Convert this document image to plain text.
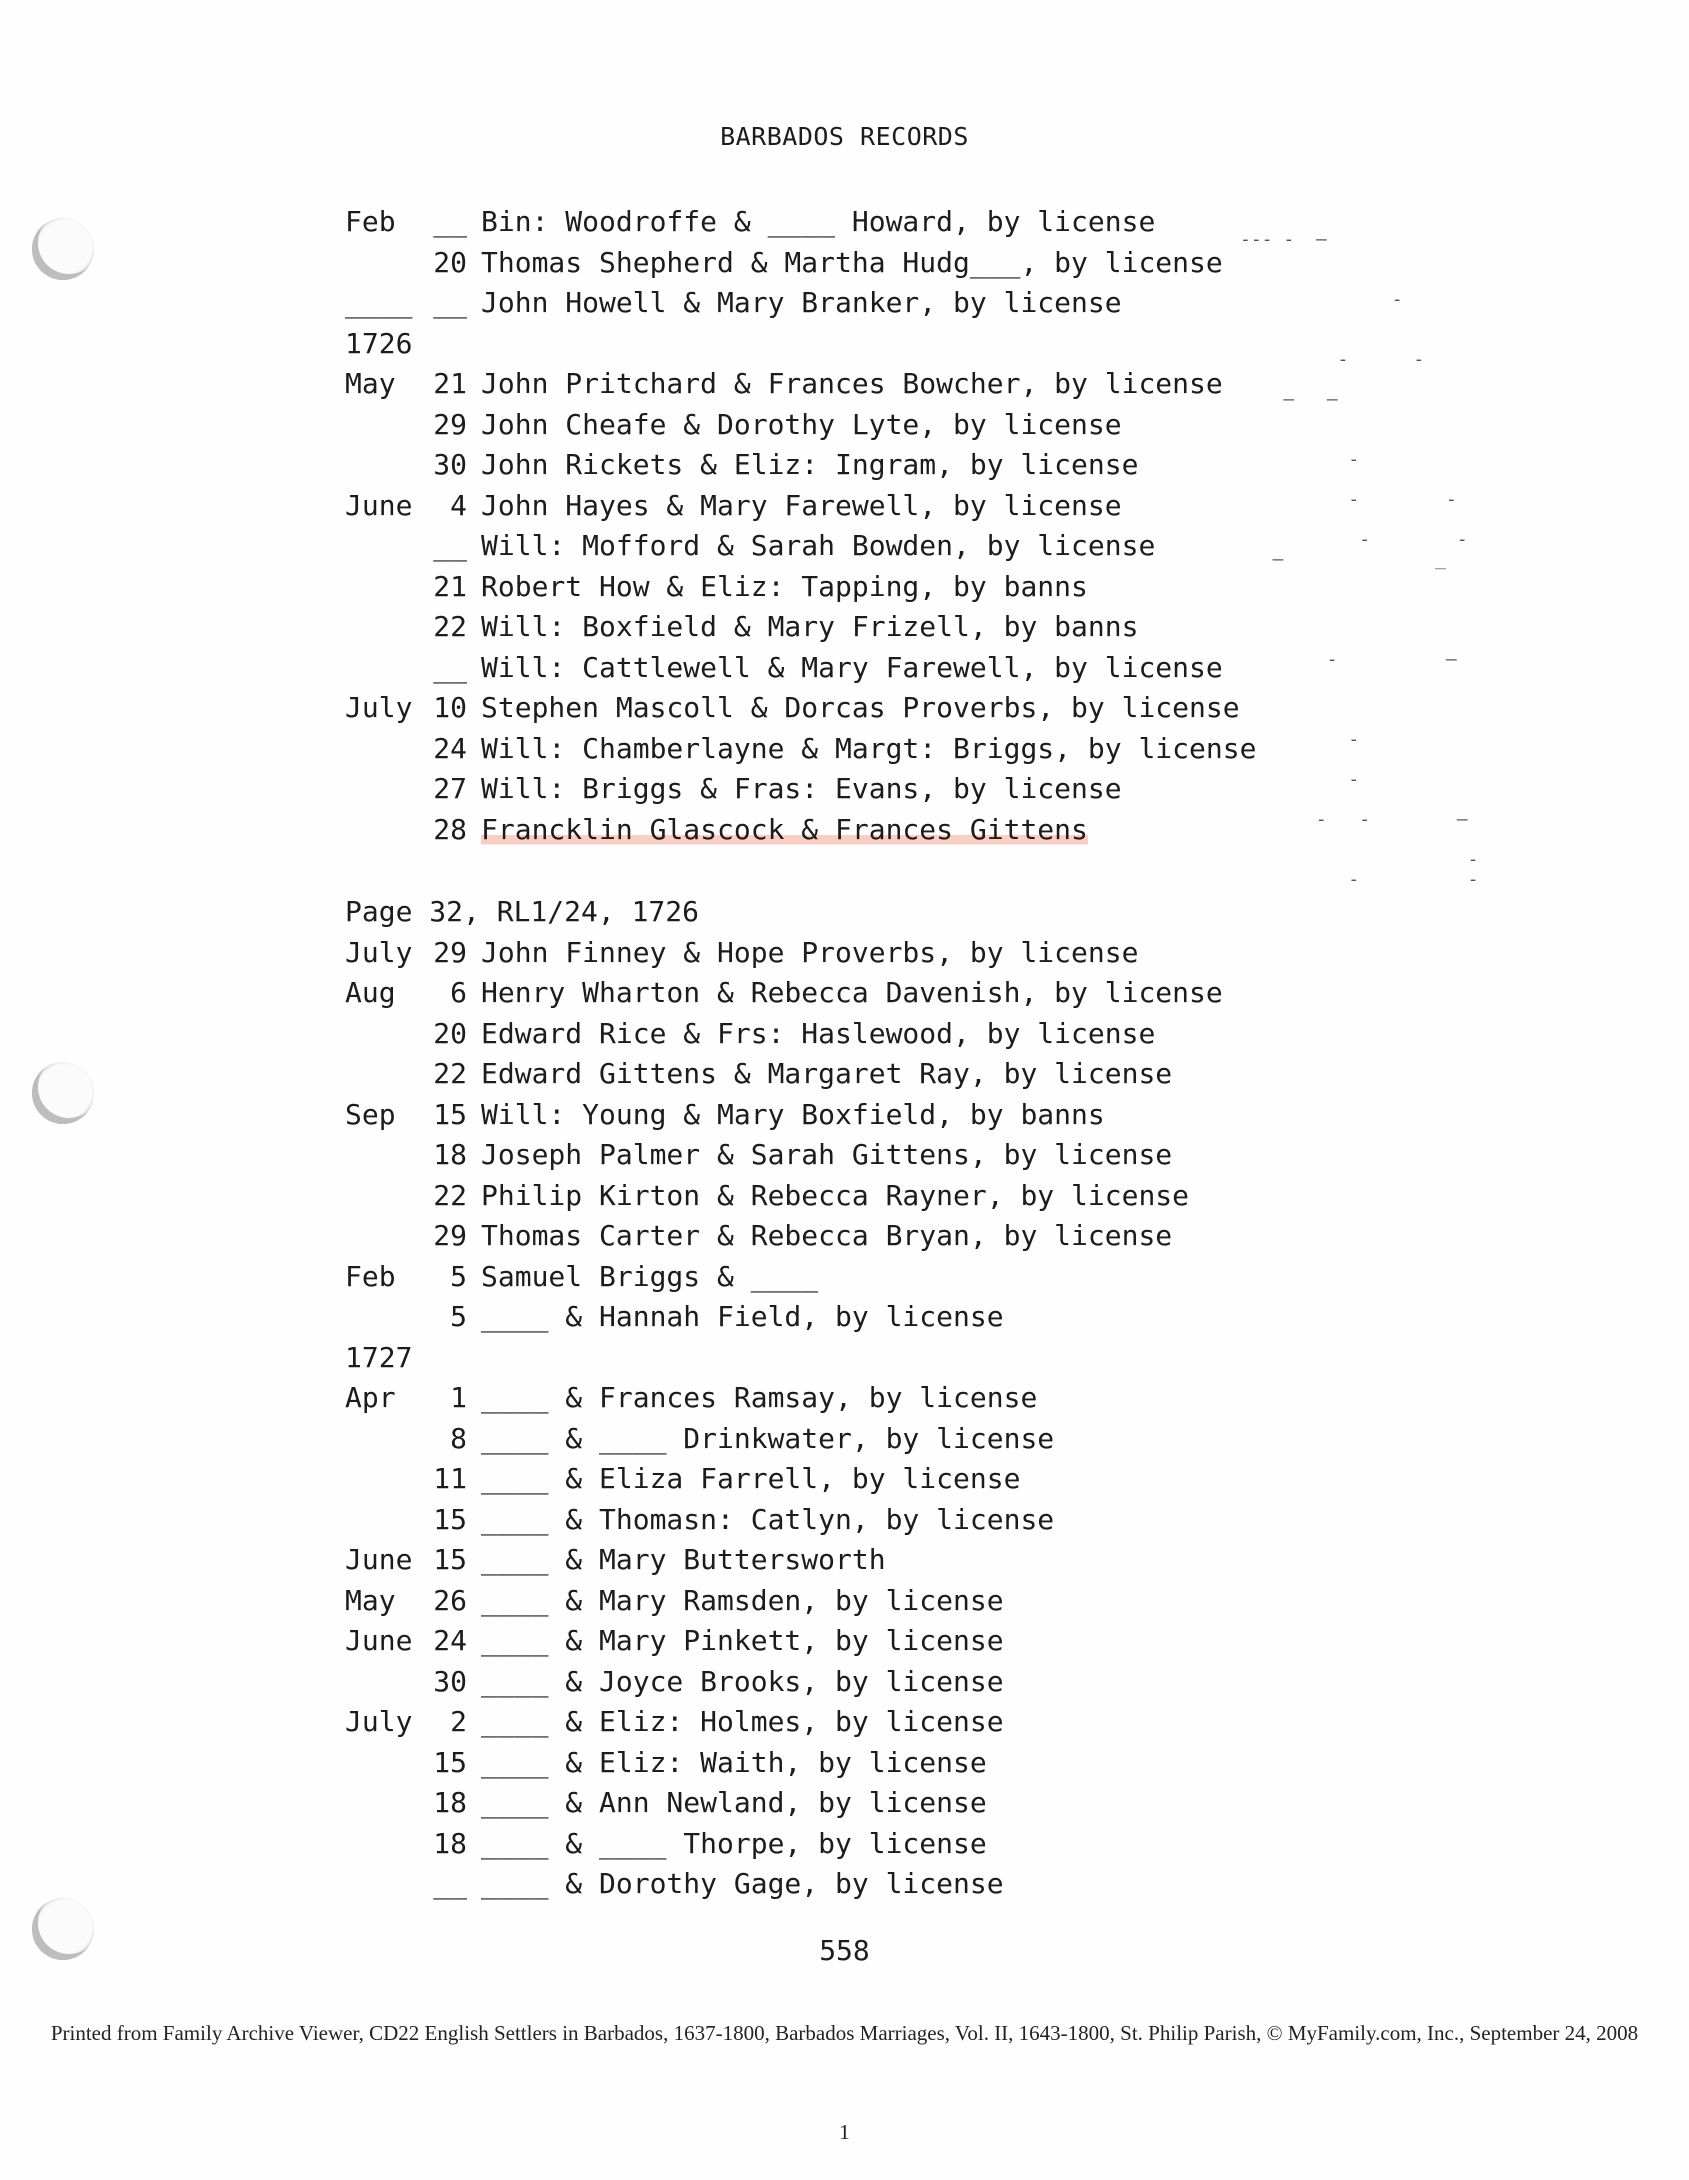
BARBADOS RECORDS
Feb	__ Bin: Woodroffe & ____ Howard, by license
20 Thomas Shepherd & Martha Hudg___, by license
____ __ John Howell & Mary Branker, by license
1726
May	21 John Pritchard & Frances Bowcher, by license
29 John Cheafe & Dorothy Lyte, by license
30 John Rickets & Eliz: Ingram, by license
June	4 John Hayes & Mary Farewell, by license
__ Will: Mofford & Sarah Bowden, by license
21 Robert How & Eliz: Tapping, by banns
22 Will: Boxfield & Mary Frizell, by banns
__ Will: Cattlewell & Mary Farewell, by license
July 10 Stephen Mascoll & Dorcas Proverbs, by license
24 Will: Chamberlayne & Margt: Briggs, by license
27 Will: Briggs & Fras: Evans, by license
28 Francklin Glascock & Frances Gittens
Page 32, RL1/24, 1726
July 29 John Finney & Hope Proverbs, by license
Aug	6 Henry Wharton & Rebecca Davenish, by license
20 Edward Rice & Frs: Haslewood, by license
22 Edward Gittens & Margaret Ray, by license
Sep	15 Will: Young & Mary Boxfield, by banns
18 Joseph Palmer & Sarah Gittens, by license
22 Philip Kirton & Rebecca Rayner, by license
29 Thomas Carter & Rebecca Bryan, by license
Feb	5 Samuel Briggs & ____
5 ____ & Hannah Field, by license
1727
Apr	1 ____ & Frances Ramsay, by license
8 ____ & ____ Drinkwater, by license
11 ____ & Eliza Farrell, by license
15 ____ & Thomasn: Catlyn, by license
June 15 ____ & Mary Buttersworth
May	26 ____ & Mary Ramsden, by license
June 24 ____ & Mary Pinkett, by license
30 ____ & Joyce Brooks, by license
July	2 ____ & Eliz: Holmes, by license
15 ____ & Eliz: Waith, by license
18 ____ & Ann Newland, by license
18 ____ & ____ Thorpe, by license
__ ____ & Dorothy Gage, by license

--- -  —

-

-      -

—   —

-

-        -

-        -
—              _

-          —

-

-

-   -        —

-
-          -

558
Printed from Family Archive Viewer, CD22 English Settlers in Barbados, 1637-1800, Barbados Marriages, Vol. II, 1643-1800, St. Philip Parish, © MyFamily.com, Inc., September 24, 2008
1
